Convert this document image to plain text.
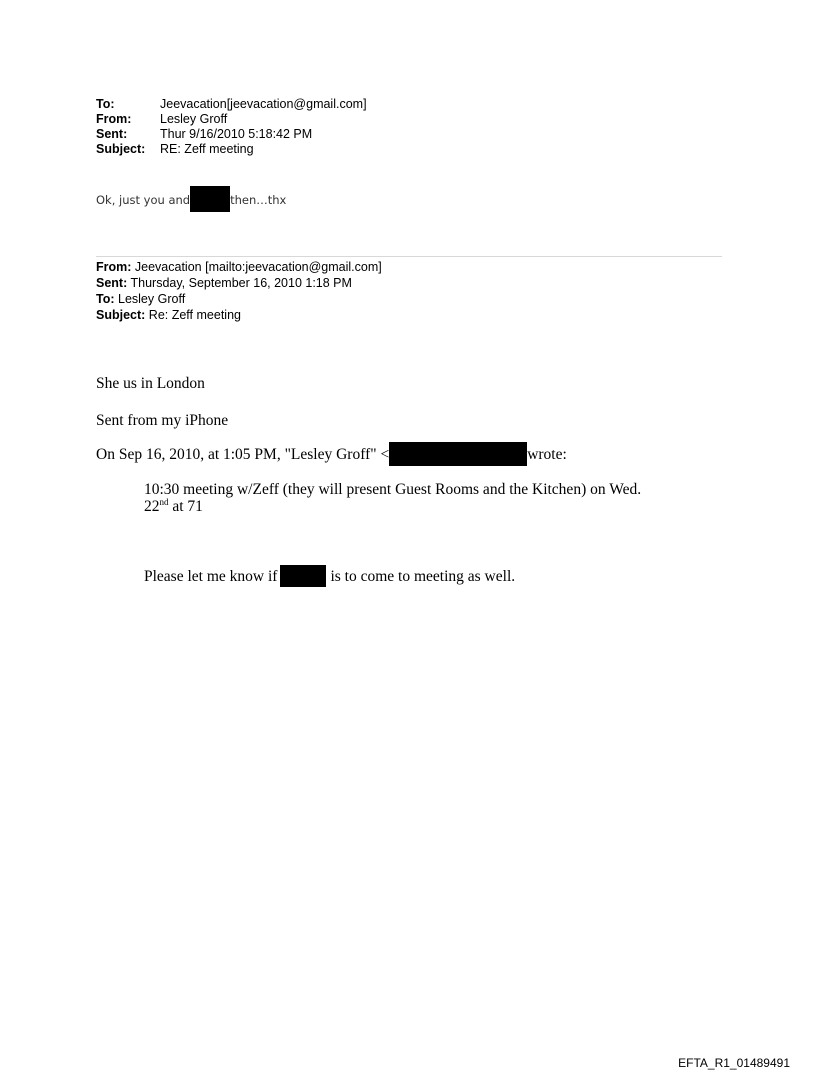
To:	Jeevacation[jeevacation@gmail.com]
From: Lesley Groff
Sent:	Thur 9/16/2010 5:18:42 PM
Subject: RE: Zeff meeting
Ok, just you and	then…thx
From: Jeevacation [mailto:jeevacation@gmail.com]
Sent: Thursday, September 16, 2010 1:18 PM
To: Lesley Groff
Subject: Re: Zeff meeting
She us in London
Sent from my iPhone
On Sep 16, 2010, at 1:05 PM, "Lesley Groff" <	wrote:
10:30 meeting w/Zeff (they will present Guest Rooms and the Kitchen) on Wed.
22nd at 71
Please let me know if	is to come to meeting as well.
EFTA_R1_01489491
